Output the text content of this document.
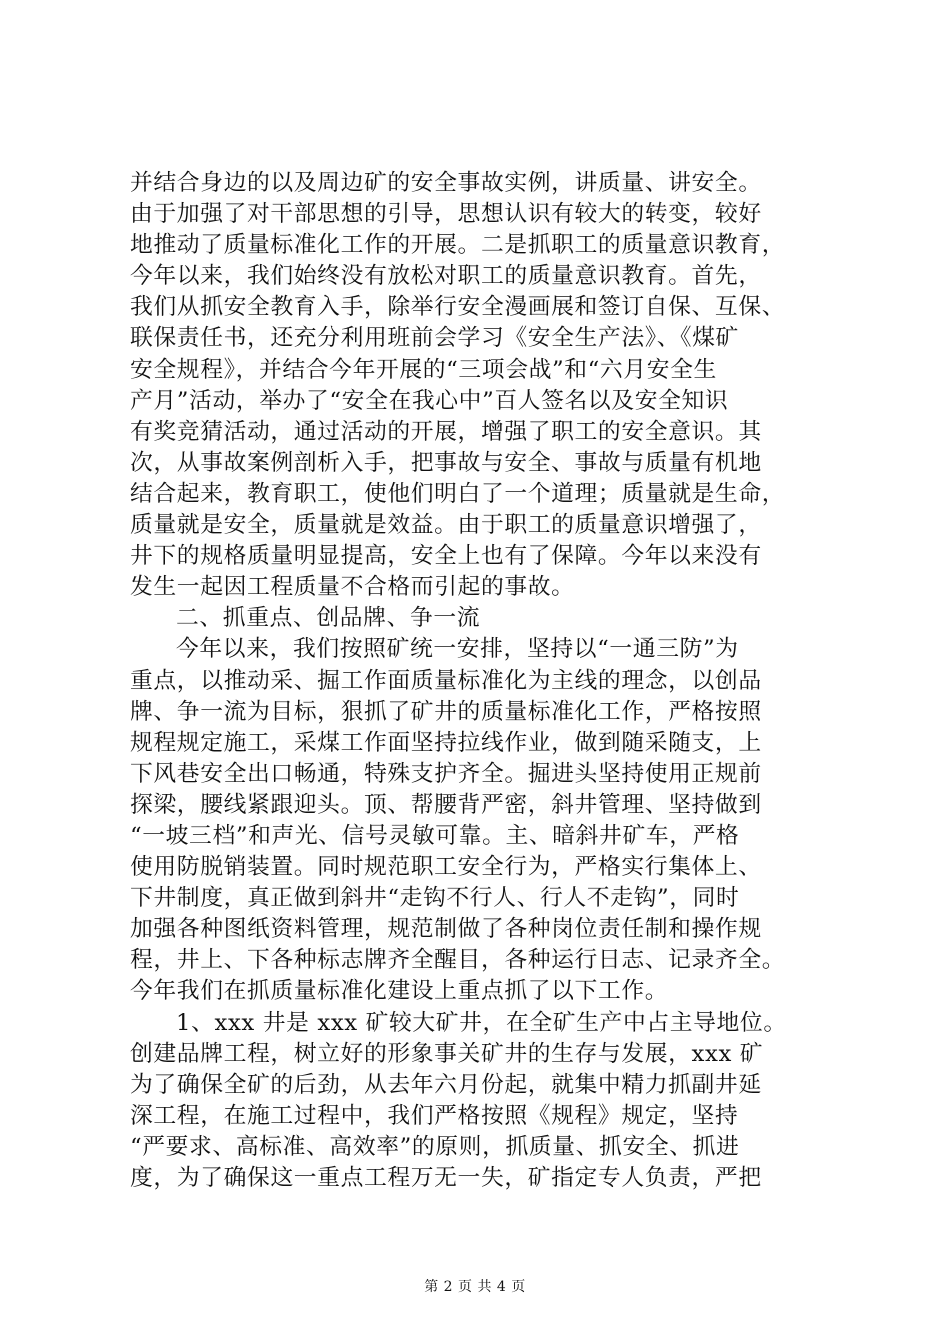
并结合身边的以及周边矿的安全事故实例，讲质量、讲安全。
由于加强了对干部思想的引导，思想认识有较大的转变，较好
地推动了质量标准化工作的开展。二是抓职工的质量意识教育，
今年以来，我们始终没有放松对职工的质量意识教育。首先，
我们从抓安全教育入手，除举行安全漫画展和签订自保、互保、
联保责任书，还充分利用班前会学习《安全生产法》、《煤矿
安全规程》，并结合今年开展的“三项会战”和“六月安全生
产月”活动，举办了“安全在我心中”百人签名以及安全知识
有奖竞猜活动，通过活动的开展，增强了职工的安全意识。其
次，从事故案例剖析入手，把事故与安全、事故与质量有机地
结合起来，教育职工，使他们明白了一个道理；质量就是生命，
质量就是安全，质量就是效益。由于职工的质量意识增强了，
井下的规格质量明显提高，安全上也有了保障。今年以来没有
发生一起因工程质量不合格而引起的事故。
二、抓重点、创品牌、争一流
今年以来，我们按照矿统一安排，坚持以“一通三防”为
重点，以推动采、掘工作面质量标准化为主线的理念，以创品
牌、争一流为目标，狠抓了矿井的质量标准化工作，严格按照
规程规定施工，采煤工作面坚持拉线作业，做到随采随支，上
下风巷安全出口畅通，特殊支护齐全。掘进头坚持使用正规前
探梁，腰线紧跟迎头。顶、帮腰背严密，斜井管理、坚持做到
“一坡三档”和声光、信号灵敏可靠。主、暗斜井矿车，严格
使用防脱销装置。同时规范职工安全行为，严格实行集体上、
下井制度，真正做到斜井“走钩不行人、行人不走钩”，同时
加强各种图纸资料管理，规范制做了各种岗位责任制和操作规
程，井上、下各种标志牌齐全醒目，各种运行日志、记录齐全。
今年我们在抓质量标准化建设上重点抓了以下工作。
1、xxx 井是 xxx 矿较大矿井，在全矿生产中占主导地位。
创建品牌工程，树立好的形象事关矿井的生存与发展，xxx 矿
为了确保全矿的后劲，从去年六月份起，就集中精力抓副井延
深工程，在施工过程中，我们严格按照《规程》规定，坚持
“严要求、高标准、高效率”的原则，抓质量、抓安全、抓进
度，为了确保这一重点工程万无一失，矿指定专人负责，严把
第 2 页 共 4 页
